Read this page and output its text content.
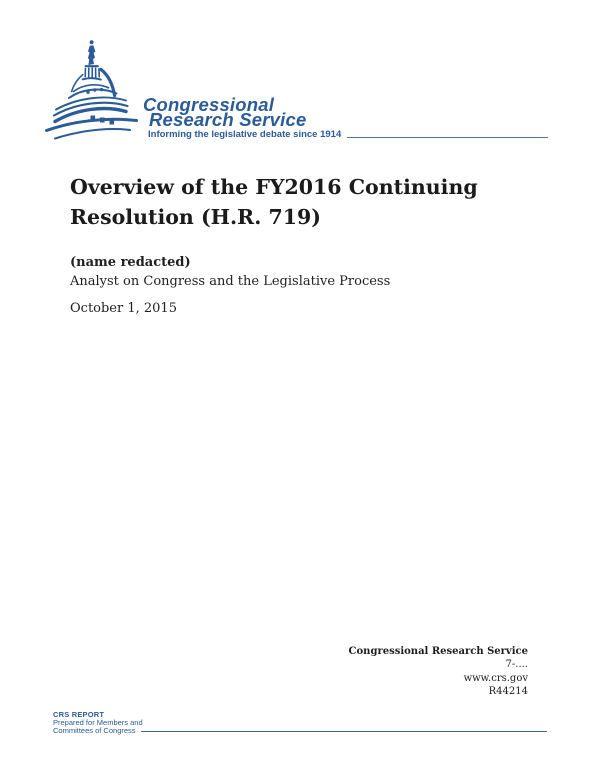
Congressional
Research Service
Informing the legislative debate since 1914
Overview of the FY2016 Continuing
Resolution (H.R. 719)
(name redacted)
Analyst on Congress and the Legislative Process
October 1, 2015
Congressional Research Service
7-....
www.crs.gov
R44214
CRS REPORT
Prepared for Members and
Committees of Congress
